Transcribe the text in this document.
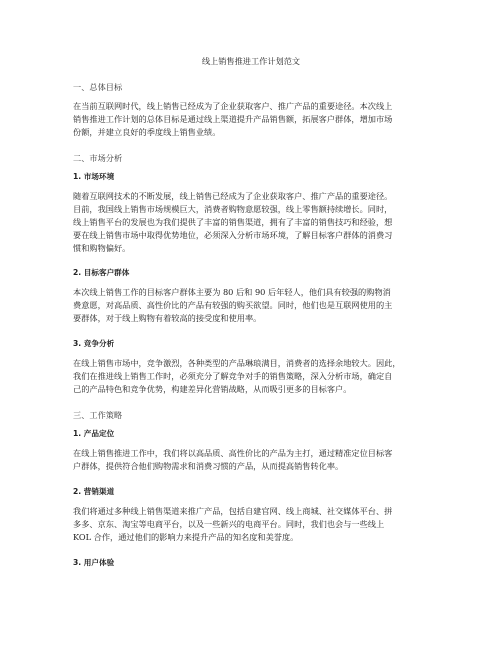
线上销售推进工作计划范文
一、总体目标
在当前互联网时代，线上销售已经成为了企业获取客户、推广产品的重要途径。本次线上
销售推进工作计划的总体目标是通过线上渠道提升产品销售额，拓展客户群体，增加市场
份额，并建立良好的季度线上销售业绩。
二、市场分析
1. 市场环境
随着互联网技术的不断发展，线上销售已经成为了企业获取客户、推广产品的重要途径。
目前，我国线上销售市场规模巨大，消费者购物意愿较强，线上零售额持续增长。同时，
线上销售平台的发展也为我们提供了丰富的销售渠道，拥有了丰富的销售技巧和经验，想
要在线上销售市场中取得优势地位，必须深入分析市场环境，了解目标客户群体的消费习
惯和购物偏好。
2. 目标客户群体
本次线上销售工作的目标客户群体主要为 80 后和 90 后年轻人，他们具有较强的购物消
费意愿，对高品质、高性价比的产品有较强的购买欲望。同时，他们也是互联网使用的主
要群体，对于线上购物有着较高的接受度和使用率。
3. 竞争分析
在线上销售市场中，竞争激烈，各种类型的产品琳琅满目，消费者的选择余地较大。因此，
我们在推进线上销售工作时，必须充分了解竞争对手的销售策略，深入分析市场，确定自
己的产品特色和竞争优势，构建差异化营销战略，从而吸引更多的目标客户。
三、工作策略
1. 产品定位
在线上销售推进工作中，我们将以高品质、高性价比的产品为主打，通过精准定位目标客
户群体，提供符合他们购物需求和消费习惯的产品，从而提高销售转化率。
2. 营销渠道
我们将通过多种线上销售渠道来推广产品，包括自建官网、线上商城、社交媒体平台、拼
多多、京东、淘宝等电商平台，以及一些新兴的电商平台。同时，我们也会与一些线上
KOL 合作，通过他们的影响力来提升产品的知名度和美誉度。
3. 用户体验
